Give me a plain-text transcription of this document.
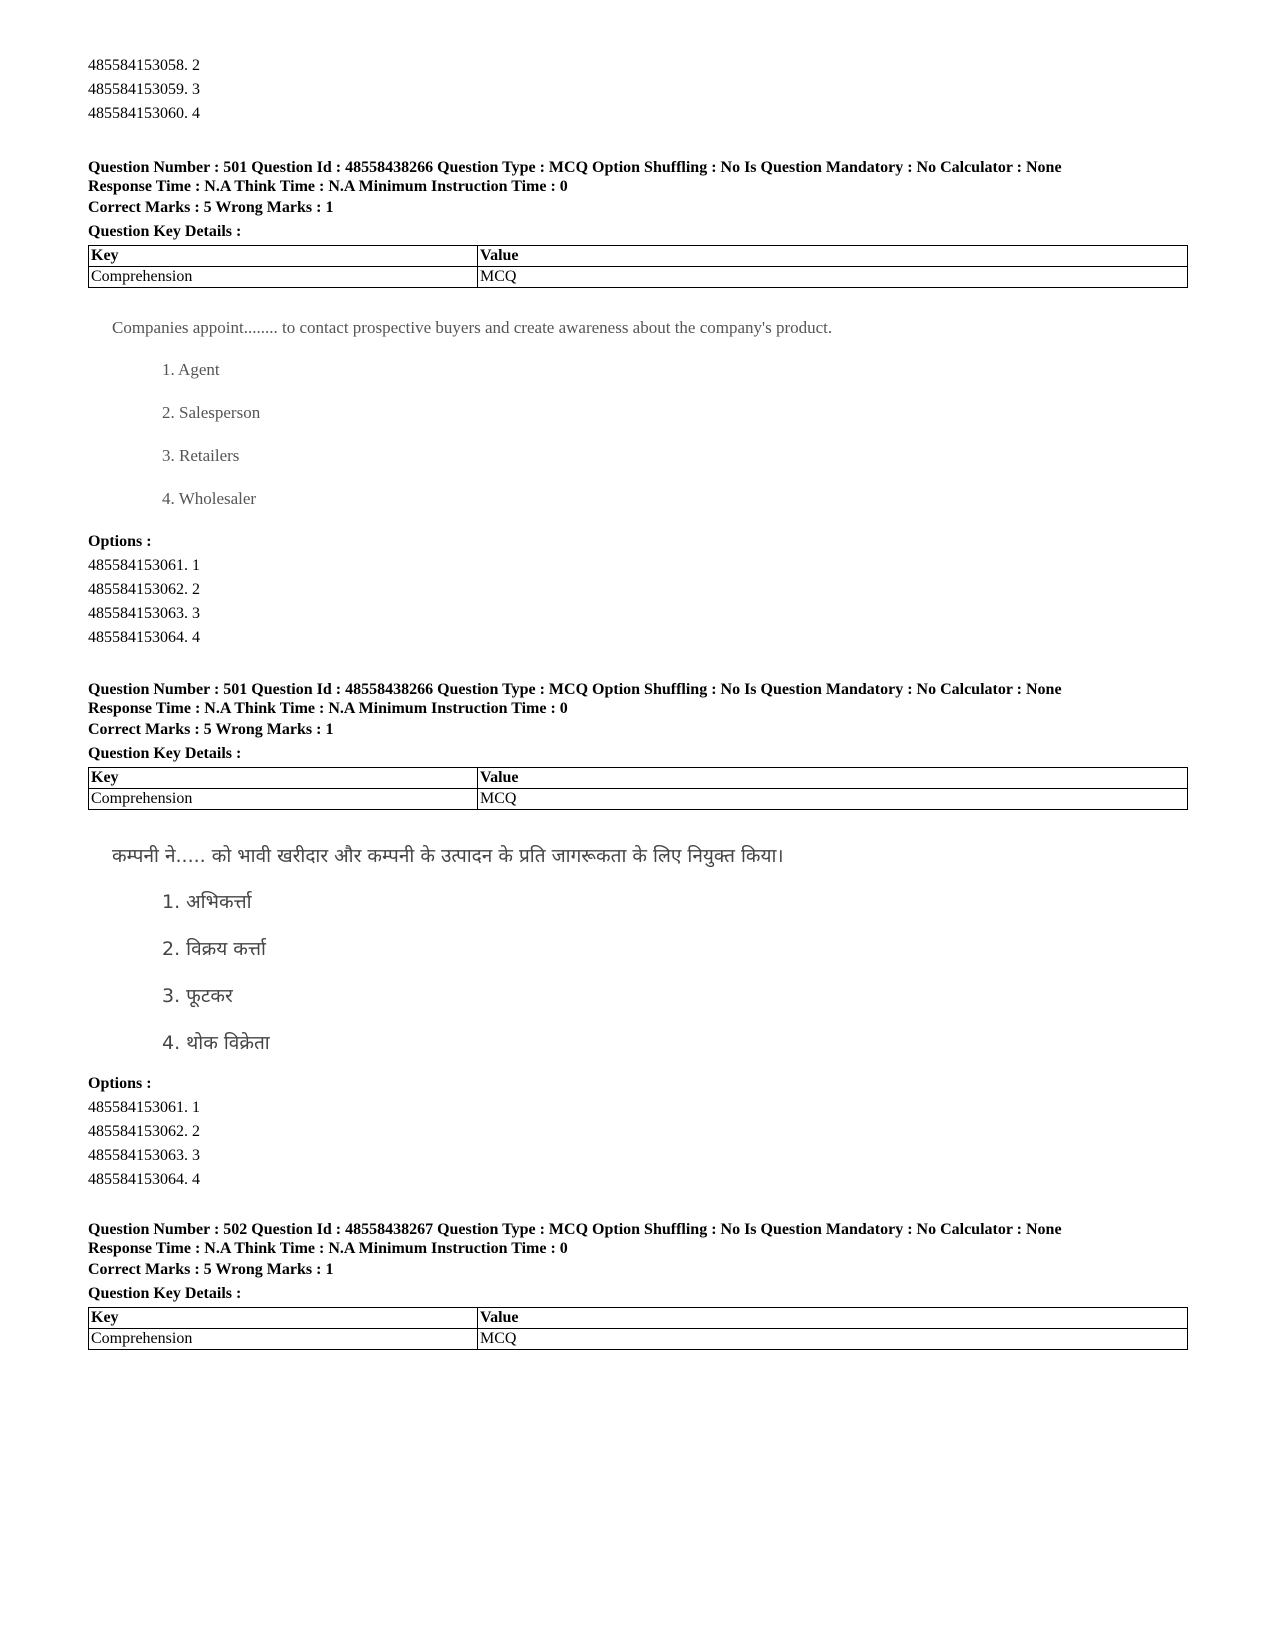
485584153058. 2
485584153059. 3
485584153060. 4
Question Number : 501 Question Id : 48558438266 Question Type : MCQ Option Shuffling : No Is Question Mandatory : No Calculator : None
Response Time : N.A Think Time : N.A Minimum Instruction Time : 0
Correct Marks : 5 Wrong Marks : 1
Question Key Details :
Key	Value
Comprehension	MCQ
Companies appoint........ to contact prospective buyers and create awareness about the company's product.
1. Agent
2. Salesperson
3. Retailers
4. Wholesaler
Options :
485584153061. 1
485584153062. 2
485584153063. 3
485584153064. 4
Question Number : 501 Question Id : 48558438266 Question Type : MCQ Option Shuffling : No Is Question Mandatory : No Calculator : None
Response Time : N.A Think Time : N.A Minimum Instruction Time : 0
Correct Marks : 5 Wrong Marks : 1
Question Key Details :
Key	Value
Comprehension	MCQ
कम्पनी ने..... को भावी खरीदार और कम्पनी के उत्पादन के प्रति जागरूकता के लिए नियुक्त किया।
1. अभिकर्त्ता
2. विक्रय कर्त्ता
3. फूटकर
4. थोक विक्रेता
Options :
485584153061. 1
485584153062. 2
485584153063. 3
485584153064. 4
Question Number : 502 Question Id : 48558438267 Question Type : MCQ Option Shuffling : No Is Question Mandatory : No Calculator : None
Response Time : N.A Think Time : N.A Minimum Instruction Time : 0
Correct Marks : 5 Wrong Marks : 1
Question Key Details :
Key	Value
Comprehension	MCQ
